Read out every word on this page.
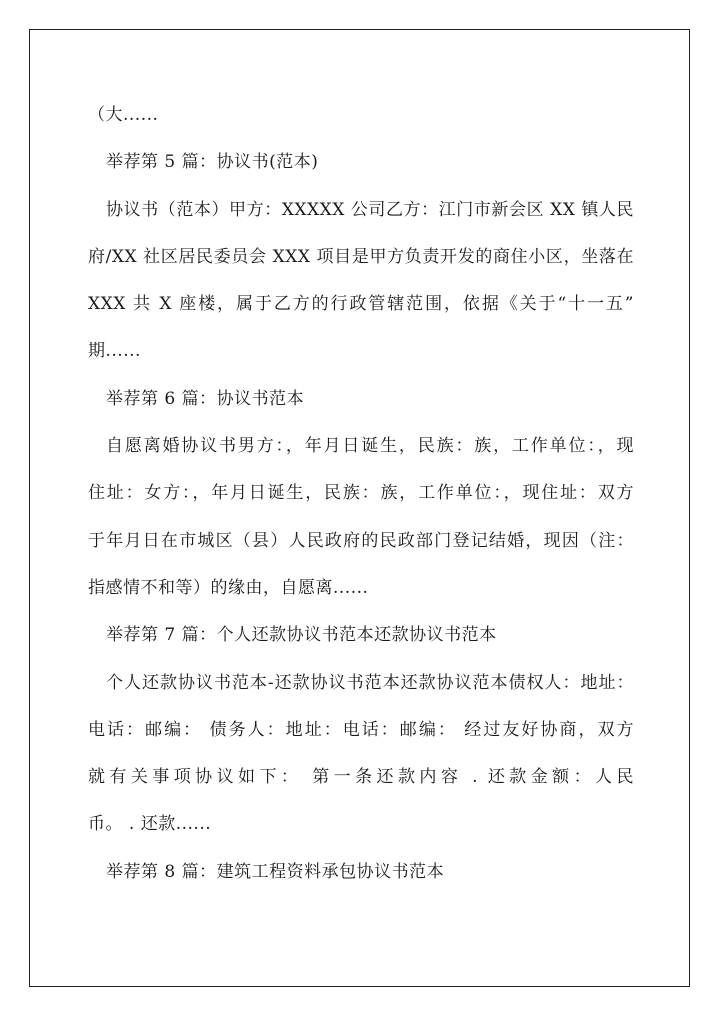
（大......
举荐第 5 篇：协议书(范本)
协议书（范本）甲方：XXXXX 公司乙方：江门市新会区 XX 镇人民
府/XX 社区居民委员会 XXX 项目是甲方负责开发的商住小区，坐落在
XXX 共 X 座楼，属于乙方的行政管辖范围，依据《关于“十一五”
期......
举荐第 6 篇：协议书范本
自愿离婚协议书男方：，年月日诞生，民族：族，工作单位：，现
住址：女方：，年月日诞生，民族：族，工作单位：，现住址：双方
于年月日在市城区（县）人民政府的民政部门登记结婚，现因（注：
指感情不和等）的缘由，自愿离......
举荐第 7 篇：个人还款协议书范本还款协议书范本
个人还款协议书范本-还款协议书范本还款协议范本债权人：地址：
电话：邮编： 债务人：地址：电话：邮编： 经过友好协商，双方
就有关事项协议如下： 第一条还款内容 . 还款金额：人民
币。 . 还款......
举荐第 8 篇：建筑工程资料承包协议书范本
